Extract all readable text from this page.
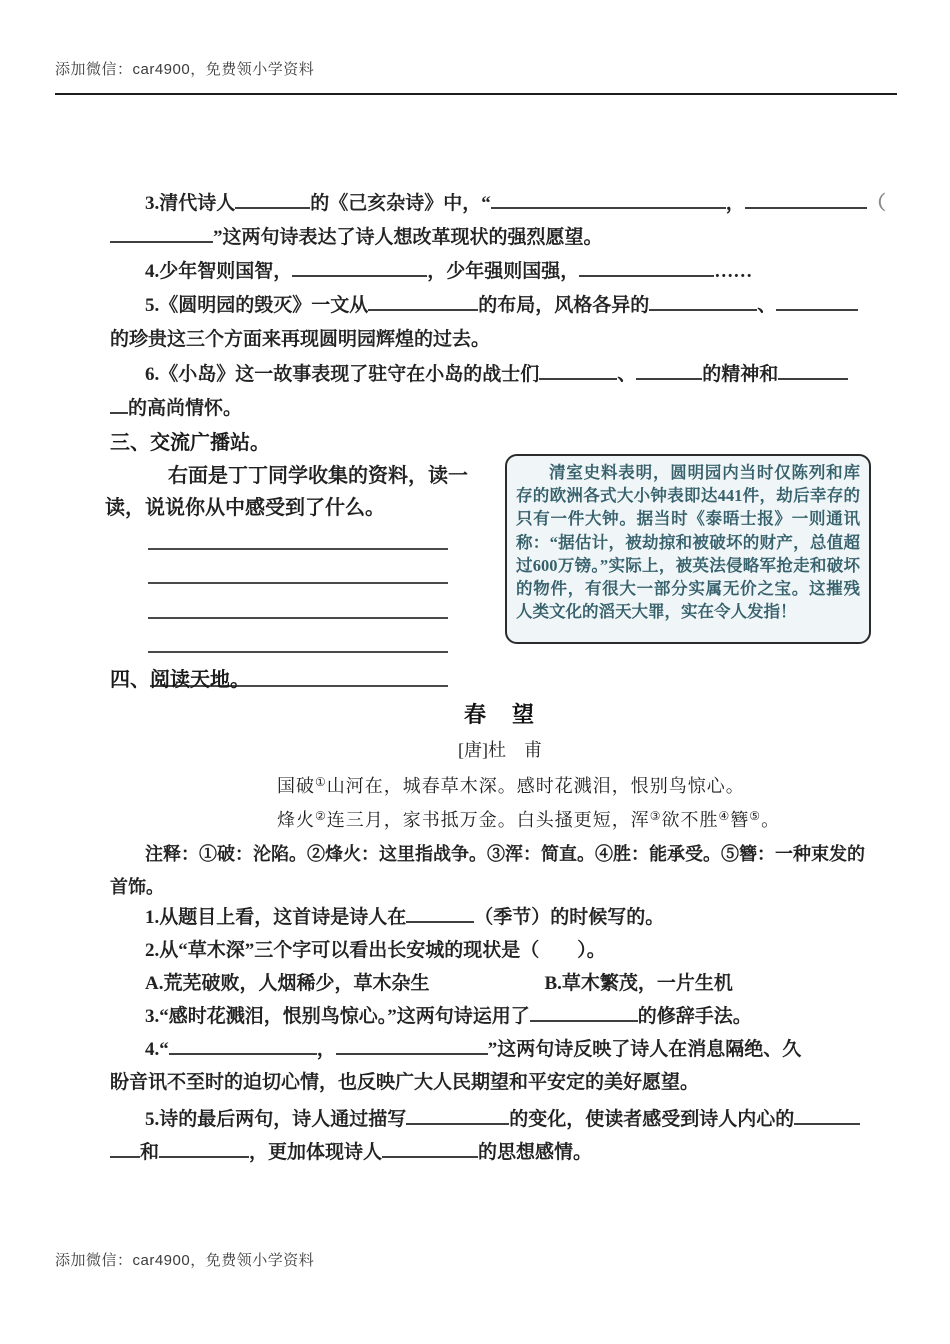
添加微信：car4900，免费领小学资料
3.清代诗人	的《己亥杂诗》中，“	，	（
”这两句诗表达了诗人想改革现状的强烈愿望。
4.少年智则国智，	，少年强则国强，	……
5.《圆明园的毁灭》一文从	的布局，风格各异的	、
的珍贵这三个方面来再现圆明园辉煌的过去。
6.《小岛》这一故事表现了驻守在小岛的战士们	、	的精神和
的高尚情怀。
三、交流广播站。
右面是丁丁同学收集的资料，读一
读，说说你从中感受到了什么。

清室史料表明，圆明园内当时仅陈列和库存的欧洲各式大小钟表即达441件，劫后幸存的只有一件大钟。据当时《泰晤士报》一则通讯称：“据估计，被劫掠和被破坏的财产，总值超过600万镑。”实际上，被英法侵略军抢走和破坏的物件，有很大一部分实属无价之宝。这摧残人类文化的滔天大罪，实在令人发指！

四、阅读天地。
春　望
[唐]杜　甫
国破①山河在，城春草木深。感时花溅泪，恨别鸟惊心。
烽火②连三月，家书抵万金。白头搔更短，浑③欲不胜④簪⑤。
注释：①破：沦陷。②烽火：这里指战争。③浑：简直。④胜：能承受。⑤簪：一种束发的
首饰。
1.从题目上看，这首诗是诗人在	（季节）的时候写的。
2.从“草木深”三个字可以看出长安城的现状是（　　）。
A.荒芜破败，人烟稀少，草木杂生	B.草木繁茂，一片生机
3.“感时花溅泪，恨别鸟惊心。”这两句诗运用了	的修辞手法。
4.“	，	”这两句诗反映了诗人在消息隔绝、久
盼音讯不至时的迫切心情，也反映广大人民期望和平安定的美好愿望。
5.诗的最后两句，诗人通过描写	的变化，使读者感受到诗人内心的
和	，更加体现诗人	的思想感情。
添加微信：car4900，免费领小学资料
